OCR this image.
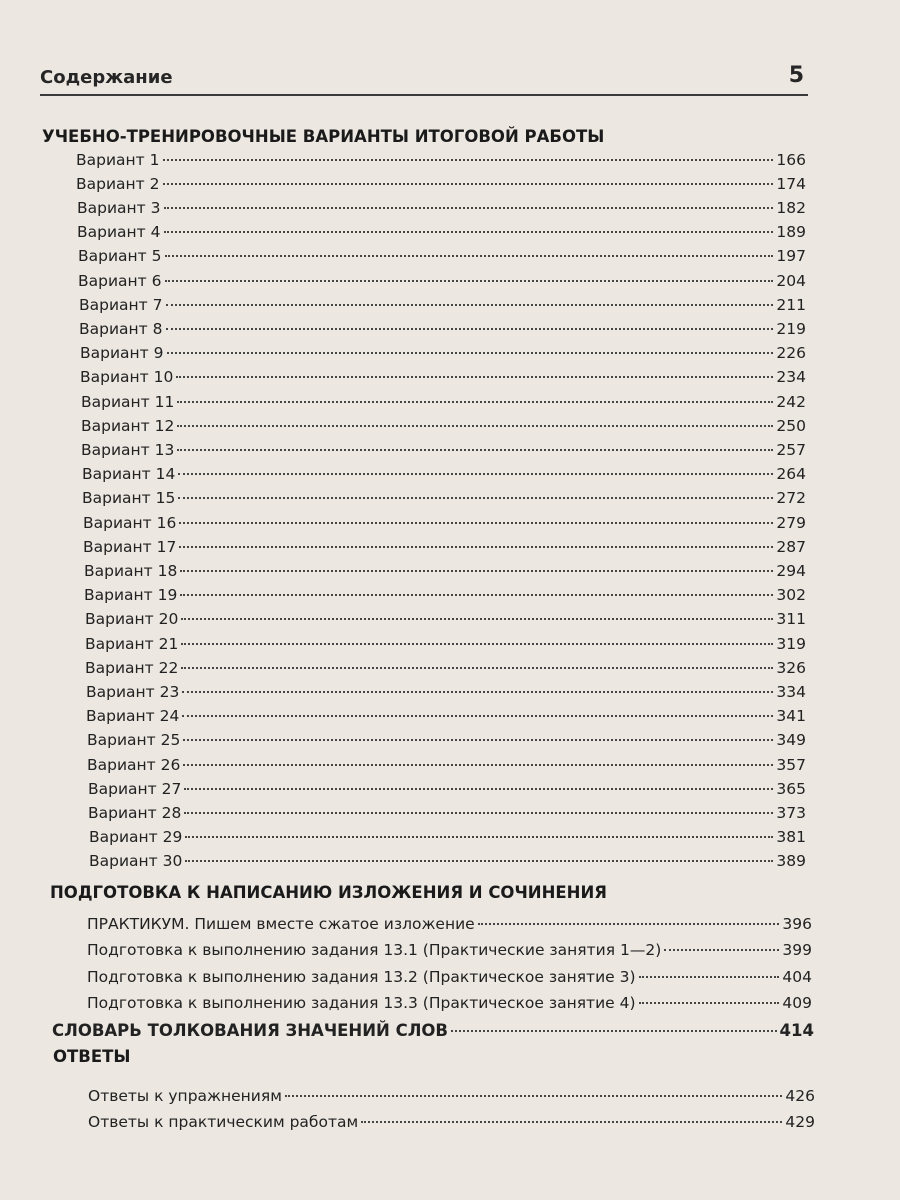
Содержание	5
УЧЕБНО-ТРЕНИРОВОЧНЫЕ ВАРИАНТЫ ИТОГОВОЙ РАБОТЫ
Вариант 1	166
Вариант 2	174
Вариант 3	182
Вариант 4	189
Вариант 5	197
Вариант 6	204
Вариант 7	211
Вариант 8	219
Вариант 9	226
Вариант 10	234
Вариант 11	242
Вариант 12	250
Вариант 13	257
Вариант 14	264
Вариант 15	272
Вариант 16	279
Вариант 17	287
Вариант 18	294
Вариант 19	302
Вариант 20	311
Вариант 21	319
Вариант 22	326
Вариант 23	334
Вариант 24	341
Вариант 25	349
Вариант 26	357
Вариант 27	365
Вариант 28	373
Вариант 29	381
Вариант 30	389
ПОДГОТОВКА К НАПИСАНИЮ ИЗЛОЖЕНИЯ И СОЧИНЕНИЯ
ПРАКТИКУМ. Пишем вместе сжатое изложение	396
Подготовка к выполнению задания 13.1 (Практические занятия 1—2)	399
Подготовка к выполнению задания 13.2 (Практическое занятие 3)	404
Подготовка к выполнению задания 13.3 (Практическое занятие 4)	409
СЛОВАРЬ ТОЛКОВАНИЯ ЗНАЧЕНИЙ СЛОВ	414
ОТВЕТЫ
Ответы к упражнениям	426
Ответы к практическим работам	429
